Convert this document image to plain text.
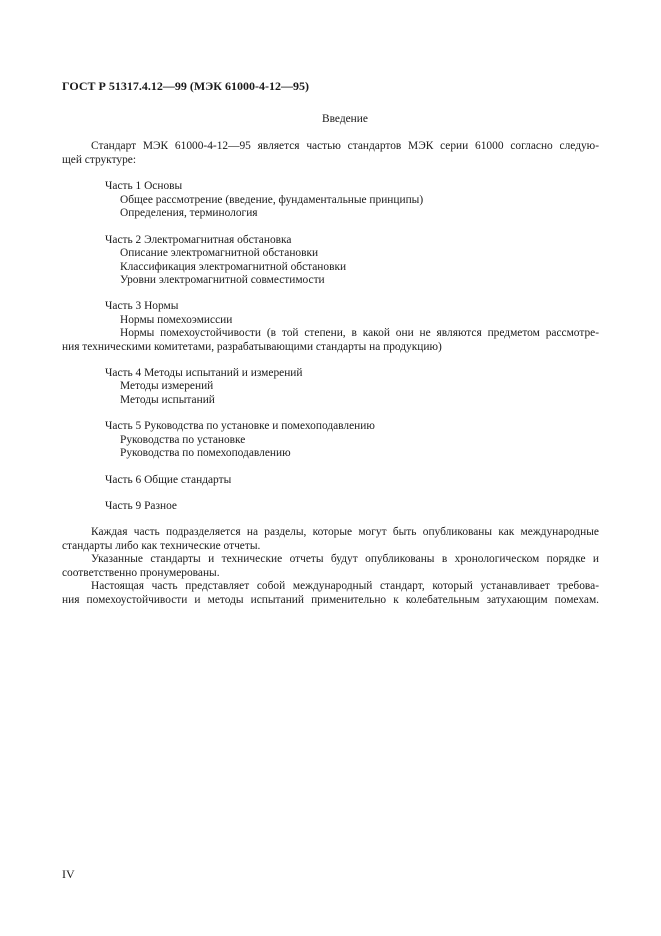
ГОСТ Р 51317.4.12—99 (МЭК 61000-4-12—95)
Введение
Стандарт МЭК 61000-4-12—95 является частью стандартов МЭК серии 61000 согласно следую-
щей структуре:
Часть 1 Основы
Общее рассмотрение (введение, фундаментальные принципы)
Определения, терминология
Часть 2 Электромагнитная обстановка
Описание электромагнитной обстановки
Классификация электромагнитной обстановки
Уровни электромагнитной совместимости
Часть 3 Нормы
Нормы помехоэмиссии
Нормы помехоустойчивости (в той степени, в какой они не являются предметом рассмотре-
ния техническими комитетами, разрабатывающими стандарты на продукцию)
Часть 4 Методы испытаний и измерений
Методы измерений
Методы испытаний
Часть 5 Руководства по установке и помехоподавлению
Руководства по установке
Руководства по помехоподавлению
Часть 6 Общие стандарты
Часть 9 Разное
Каждая часть подразделяется на разделы, которые могут быть опубликованы как международные
стандарты либо как технические отчеты.
Указанные стандарты и технические отчеты будут опубликованы в хронологическом порядке и
соответственно пронумерованы.
Настоящая часть представляет собой международный стандарт, который устанавливает требова-
ния помехоустойчивости и методы испытаний применительно к колебательным затухающим помехам.
IV
